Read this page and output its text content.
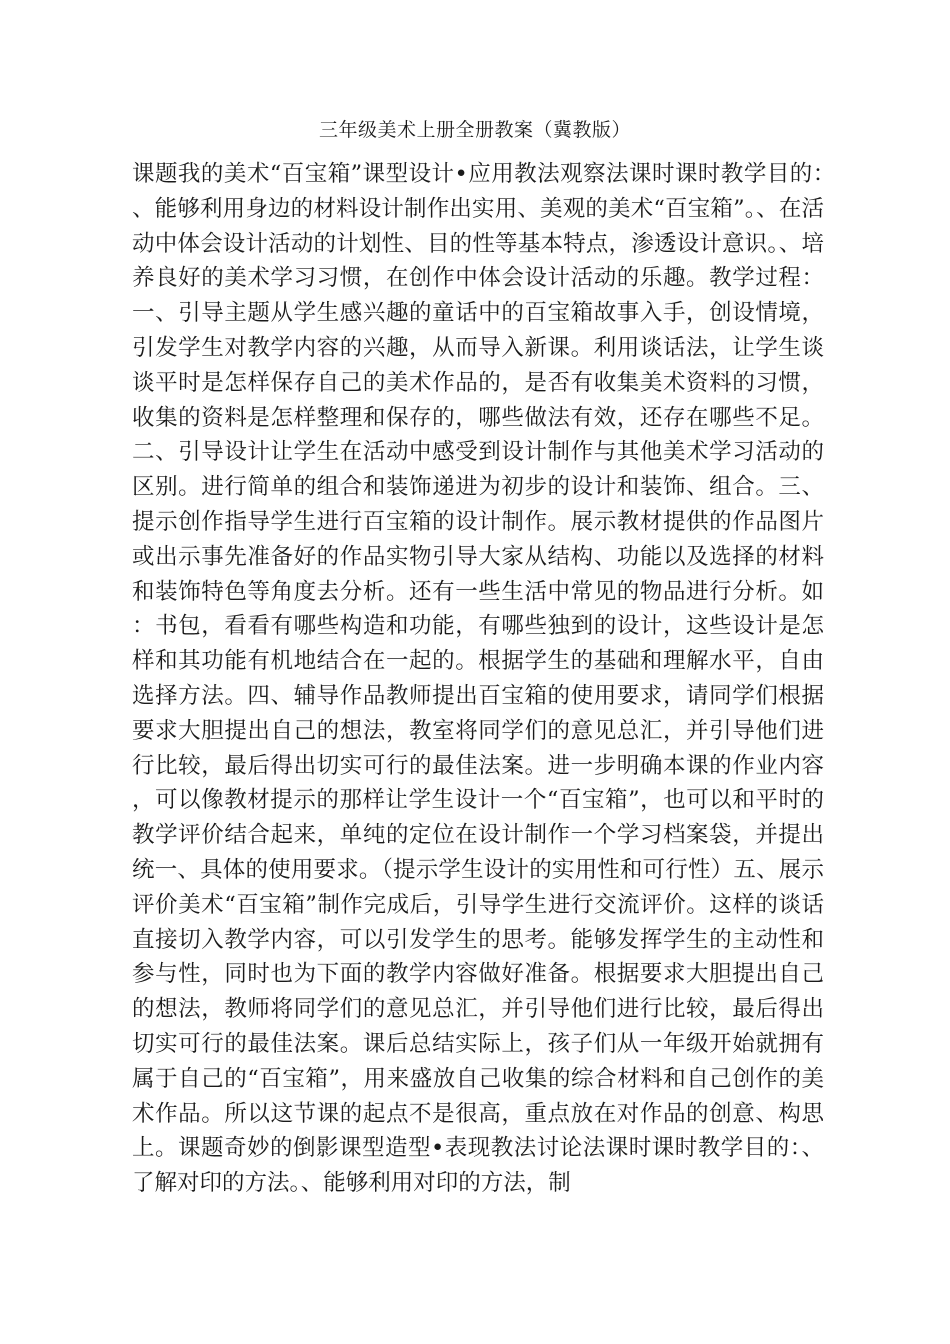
三年级美术上册全册教案（冀教版）
课题我的美术“百宝箱”课型设计•应用教法观察法课时课时教学目的：、能够利用身边的材料设计制作出实用、美观的美术“百宝箱”。、在活动中体会设计活动的计划性、目的性等基本特点，渗透设计意识。、培养良好的美术学习习惯，在创作中体会设计活动的乐趣。教学过程：一、引导主题从学生感兴趣的童话中的百宝箱故事入手，创设情境，引发学生对教学内容的兴趣，从而导入新课。利用谈话法，让学生谈谈平时是怎样保存自己的美术作品的，是否有收集美术资料的习惯，收集的资料是怎样整理和保存的，哪些做法有效，还存在哪些不足。二、引导设计让学生在活动中感受到设计制作与其他美术学习活动的区别。进行简单的组合和装饰递进为初步的设计和装饰、组合。三、提示创作指导学生进行百宝箱的设计制作。展示教材提供的作品图片或出示事先准备好的作品实物引导大家从结构、功能以及选择的材料和装饰特色等角度去分析。还有一些生活中常见的物品进行分析。如：书包，看看有哪些构造和功能，有哪些独到的设计，这些设计是怎样和其功能有机地结合在一起的。根据学生的基础和理解水平，自由选择方法。四、辅导作品教师提出百宝箱的使用要求，请同学们根据要求大胆提出自己的想法，教室将同学们的意见总汇，并引导他们进行比较，最后得出切实可行的最佳法案。进一步明确本课的作业内容，可以像教材提示的那样让学生设计一个“百宝箱”，也可以和平时的教学评价结合起来，单纯的定位在设计制作一个学习档案袋，并提出统一、具体的使用要求。（提示学生设计的实用性和可行性）五、展示评价美术“百宝箱”制作完成后，引导学生进行交流评价。这样的谈话直接切入教学内容，可以引发学生的思考。能够发挥学生的主动性和参与性，同时也为下面的教学内容做好准备。根据要求大胆提出自己的想法，教师将同学们的意见总汇，并引导他们进行比较，最后得出切实可行的最佳法案。课后总结实际上，孩子们从一年级开始就拥有属于自己的“百宝箱”，用来盛放自己收集的综合材料和自己创作的美术作品。所以这节课的起点不是很高，重点放在对作品的创意、构思上。课题奇妙的倒影课型造型•表现教法讨论法课时课时教学目的：、了解对印的方法。、能够利用对印的方法，制
